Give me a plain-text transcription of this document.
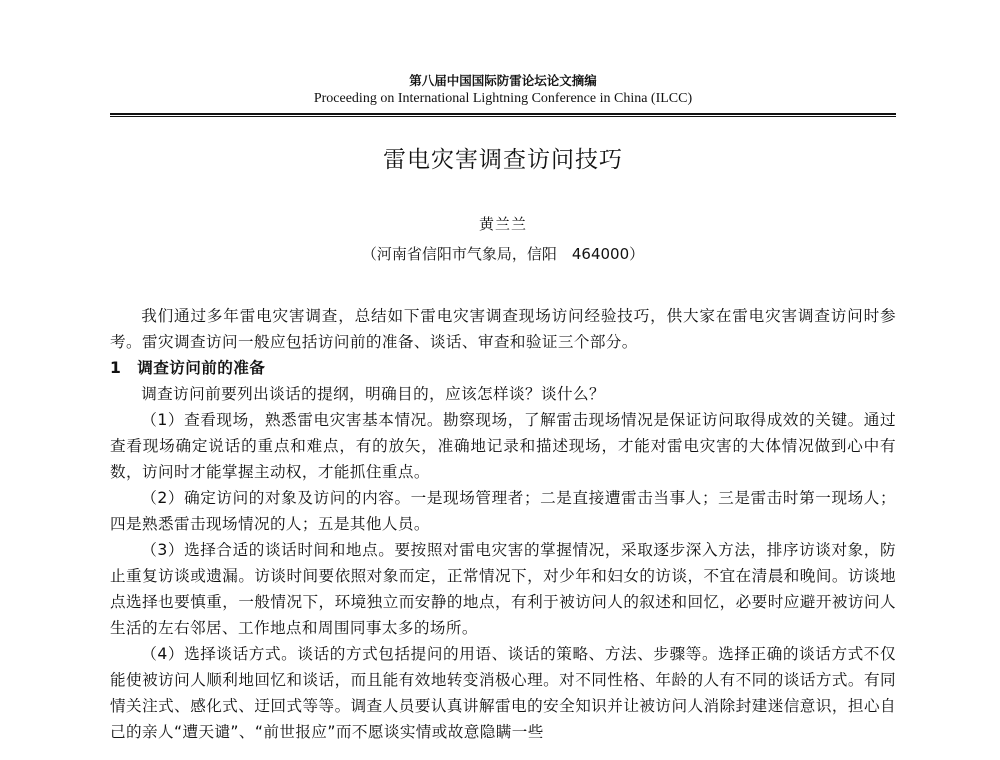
第八届中国国际防雷论坛论文摘编
Proceeding on International Lightning Conference in China (ILCC)
雷电灾害调查访问技巧
黄兰兰
（河南省信阳市气象局，信阳　464000）

我们通过多年雷电灾害调查，总结如下雷电灾害调查现场访问经验技巧，供大家在雷电灾害调查访问时参考。雷灾调查访问一般应包括访问前的准备、谈话、审查和验证三个部分。

1　调查访问前的准备

调查访问前要列出谈话的提纲，明确目的，应该怎样谈？谈什么？

（1）查看现场，熟悉雷电灾害基本情况。勘察现场，了解雷击现场情况是保证访问取得成效的关键。通过查看现场确定说话的重点和难点，有的放矢，准确地记录和描述现场，才能对雷电灾害的大体情况做到心中有数，访问时才能掌握主动权，才能抓住重点。

（2）确定访问的对象及访问的内容。一是现场管理者；二是直接遭雷击当事人；三是雷击时第一现场人；四是熟悉雷击现场情况的人；五是其他人员。

（3）选择合适的谈话时间和地点。要按照对雷电灾害的掌握情况，采取逐步深入方法，排序访谈对象，防止重复访谈或遗漏。访谈时间要依照对象而定，正常情况下，对少年和妇女的访谈，不宜在清晨和晚间。访谈地点选择也要慎重，一般情况下，环境独立而安静的地点，有利于被访问人的叙述和回忆，必要时应避开被访问人生活的左右邻居、工作地点和周围同事太多的场所。

（4）选择谈话方式。谈话的方式包括提问的用语、谈话的策略、方法、步骤等。选择正确的谈话方式不仅能使被访问人顺利地回忆和谈话，而且能有效地转变消极心理。对不同性格、年龄的人有不同的谈话方式。有同情关注式、感化式、迂回式等等。调查人员要认真讲解雷电的安全知识并让被访问人消除封建迷信意识，担心自己的亲人“遭天谴”、“前世报应”而不愿谈实情或故意隐瞒一些
